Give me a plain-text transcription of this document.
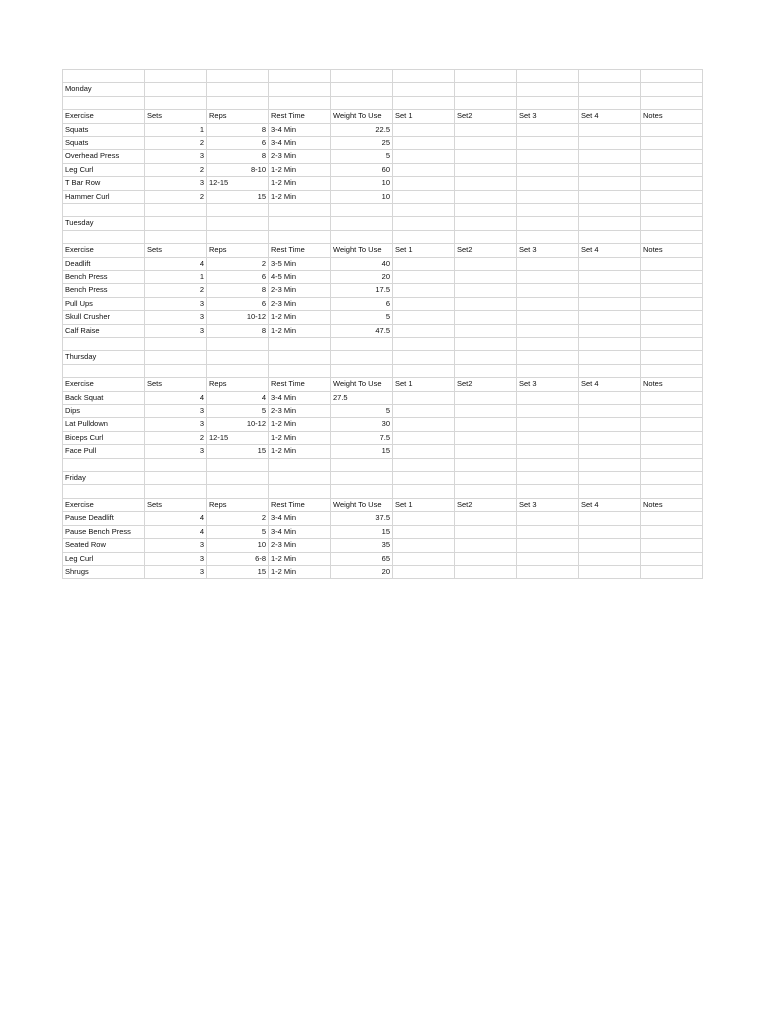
Monday									

Exercise	Sets	Reps	Rest Time	Weight To Use	Set 1	Set2	Set 3	Set 4	Notes
Squats	1	8	3-4 Min	22.5					
Squats	2	6	3-4 Min	25					
Overhead Press	3	8	2-3 Min	5					
Leg Curl	2	8-10	1-2 Min	60					
T Bar Row	3	12-15	1-2 Min	10					
Hammer Curl	2	15	1-2 Min	10					

Tuesday									

Exercise	Sets	Reps	Rest Time	Weight To Use	Set 1	Set2	Set 3	Set 4	Notes
Deadlift	4	2	3-5 Min	40					
Bench Press	1	6	4-5 Min	20					
Bench Press	2	8	2-3 Min	17.5					
Pull Ups	3	6	2-3 Min	6					
Skull Crusher	3	10-12	1-2 Min	5					
Calf Raise	3	8	1-2 Min	47.5					

Thursday									

Exercise	Sets	Reps	Rest Time	Weight To Use	Set 1	Set2	Set 3	Set 4	Notes
Back Squat	4	4	3-4 Min	27.5					
Dips	3	5	2-3 Min	5					
Lat Pulldown	3	10-12	1-2 Min	30					
Biceps Curl	2	12-15	1-2 Min	7.5					
Face Pull	3	15	1-2 Min	15					

Friday									

Exercise	Sets	Reps	Rest Time	Weight To Use	Set 1	Set2	Set 3	Set 4	Notes
Pause Deadlift	4	2	3-4 Min	37.5					
Pause Bench Press	4	5	3-4 Min	15					
Seated Row	3	10	2-3 Min	35					
Leg Curl	3	6-8	1-2 Min	65					
Shrugs	3	15	1-2 Min	20					
